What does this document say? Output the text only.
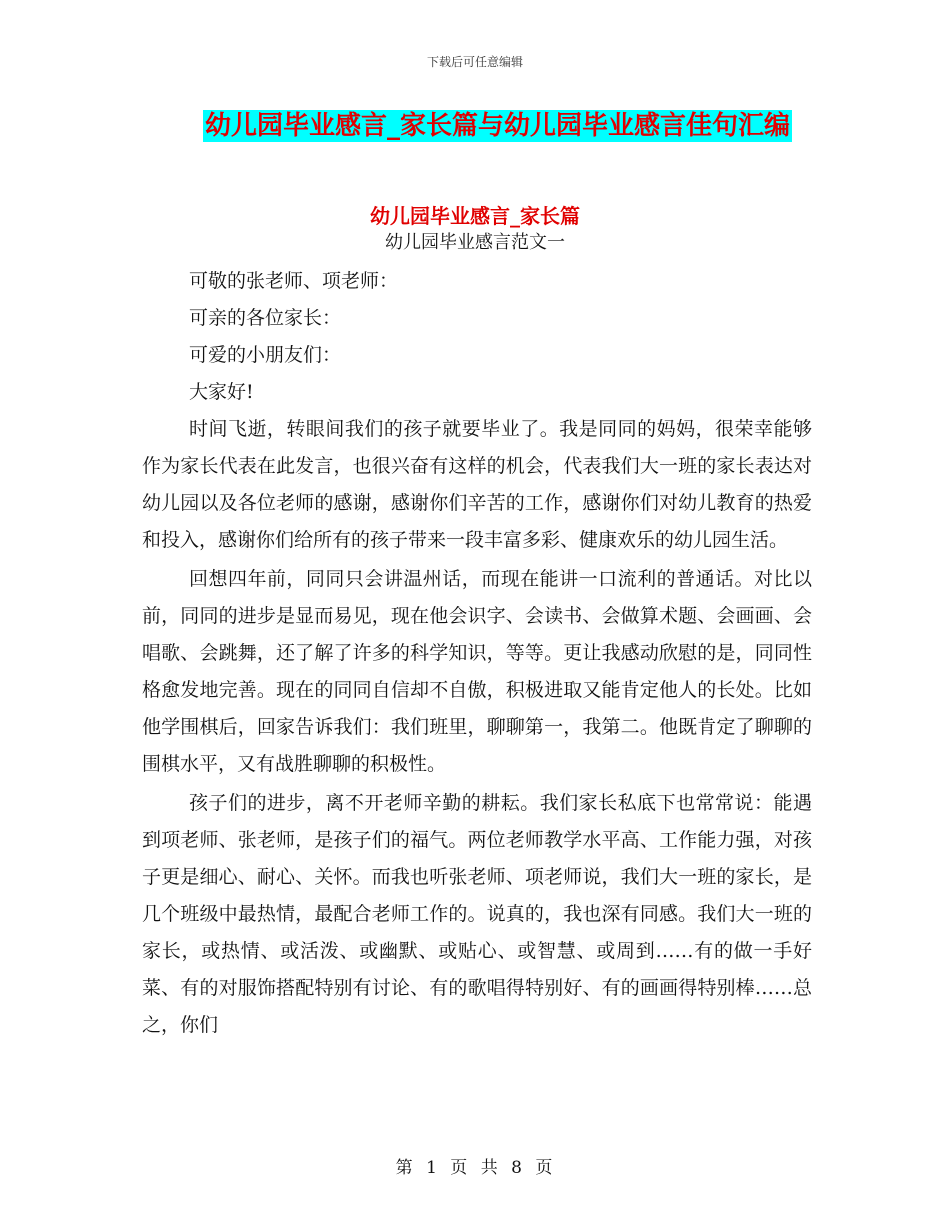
下载后可任意编辑
幼儿园毕业感言_家长篇与幼儿园毕业感言佳句汇编
幼儿园毕业感言_家长篇
幼儿园毕业感言范文一

可敬的张老师、项老师：

可亲的各位家长：

可爱的小朋友们：

大家好!

时间飞逝，转眼间我们的孩子就要毕业了。我是同同的妈妈，很荣幸能够作为家长代表在此发言，也很兴奋有这样的机会，代表我们大一班的家长表达对幼儿园以及各位老师的感谢，感谢你们辛苦的工作，感谢你们对幼儿教育的热爱和投入，感谢你们给所有的孩子带来一段丰富多彩、健康欢乐的幼儿园生活。

回想四年前，同同只会讲温州话，而现在能讲一口流利的普通话。对比以前，同同的进步是显而易见，现在他会识字、会读书、会做算术题、会画画、会唱歌、会跳舞，还了解了许多的科学知识，等等。更让我感动欣慰的是，同同性格愈发地完善。现在的同同自信却不自傲，积极进取又能肯定他人的长处。比如他学围棋后，回家告诉我们：我们班里，聊聊第一，我第二。他既肯定了聊聊的围棋水平，又有战胜聊聊的积极性。

孩子们的进步，离不开老师辛勤的耕耘。我们家长私底下也常常说：能遇到项老师、张老师，是孩子们的福气。两位老师教学水平高、工作能力强，对孩子更是细心、耐心、关怀。而我也听张老师、项老师说，我们大一班的家长，是几个班级中最热情，最配合老师工作的。说真的，我也深有同感。我们大一班的家长，或热情、或活泼、或幽默、或贴心、或智慧、或周到……有的做一手好菜、有的对服饰搭配特别有讨论、有的歌唱得特别好、有的画画得特别棒……总之，你们

第 1 页 共 8 页
